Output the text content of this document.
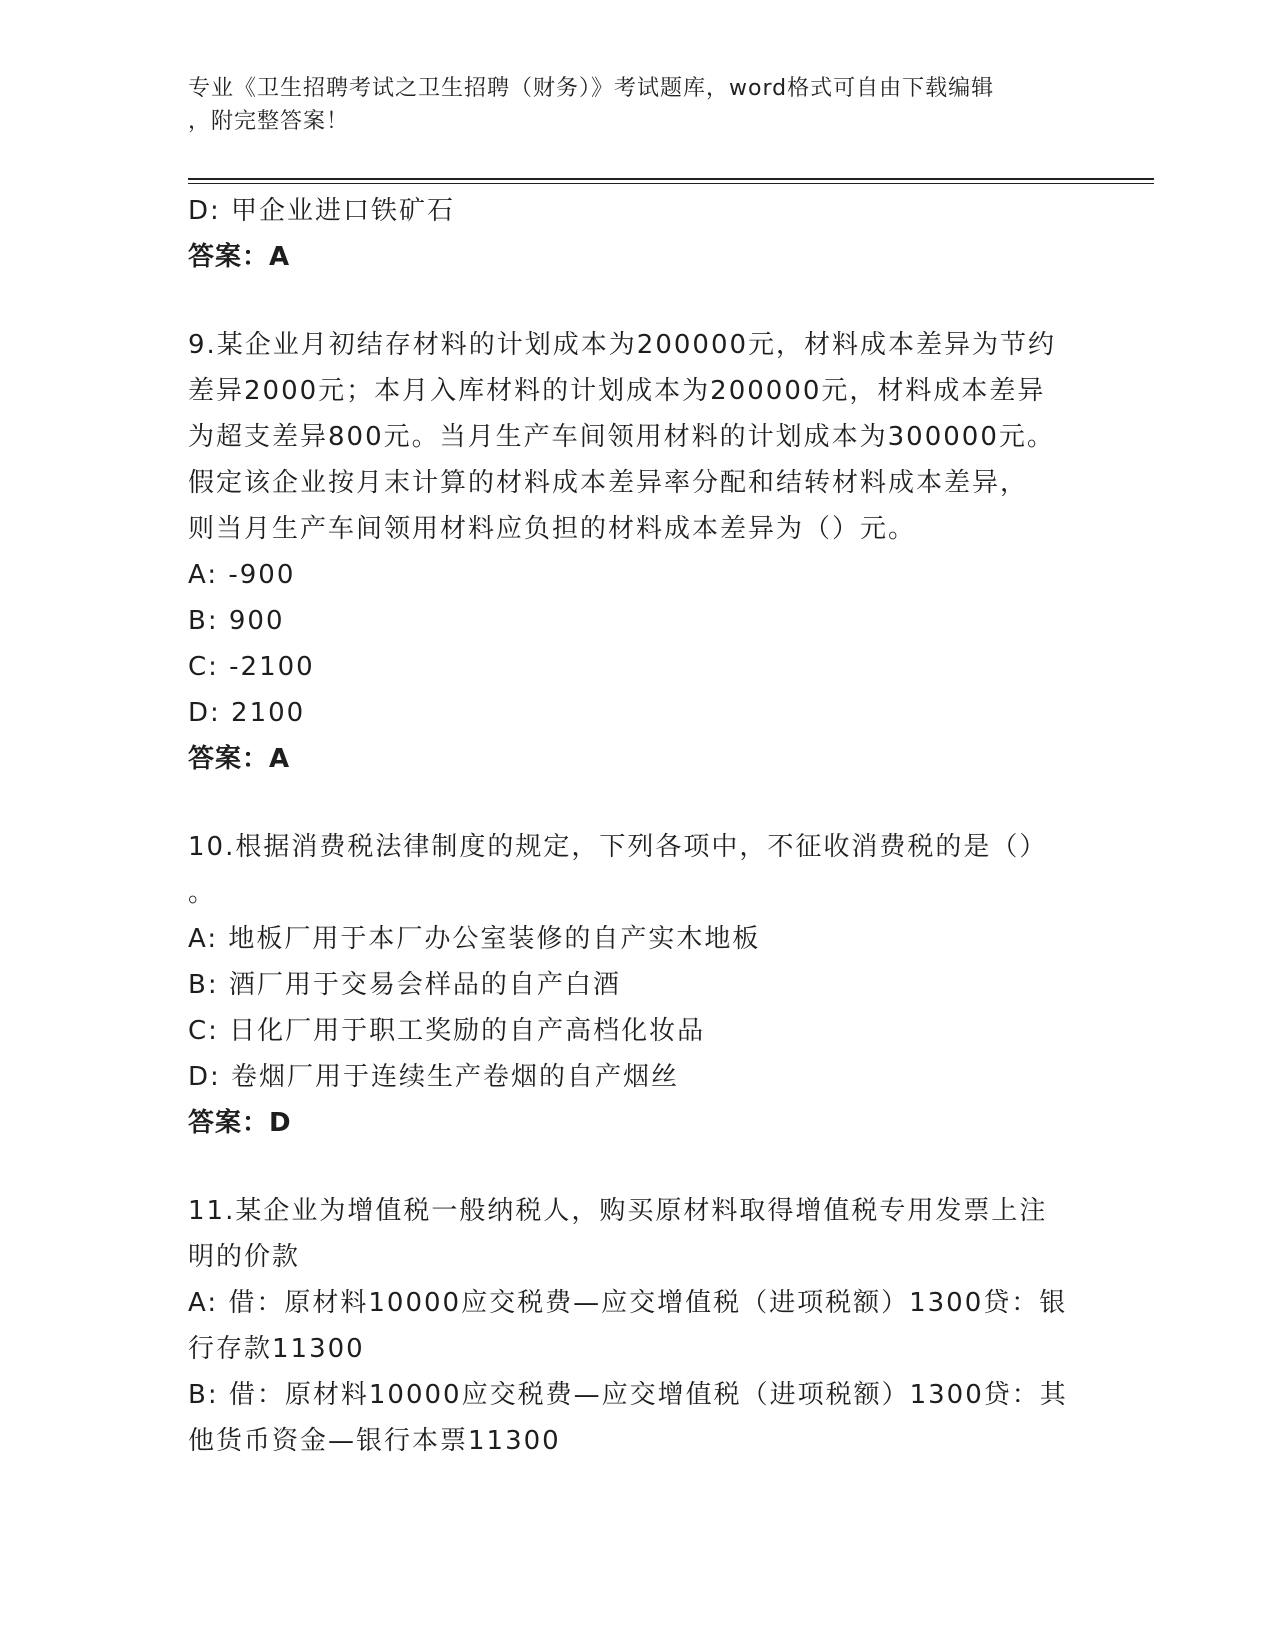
专业《卫生招聘考试之卫生招聘（财务）》考试题库，word格式可自由下载编辑
，附完整答案！
D: 甲企业进口铁矿石
答案：A
9.某企业月初结存材料的计划成本为200000元，材料成本差异为节约
差异2000元；本月入库材料的计划成本为200000元，材料成本差异
为超支差异800元。当月生产车间领用材料的计划成本为300000元。
假定该企业按月末计算的材料成本差异率分配和结转材料成本差异，
则当月生产车间领用材料应负担的材料成本差异为（）元。
A: -900
B: 900
C: -2100
D: 2100
答案：A
10.根据消费税法律制度的规定，下列各项中，不征收消费税的是（）
。
A: 地板厂用于本厂办公室装修的自产实木地板
B: 酒厂用于交易会样品的自产白酒
C: 日化厂用于职工奖励的自产高档化妆品
D: 卷烟厂用于连续生产卷烟的自产烟丝
答案：D
11.某企业为增值税一般纳税人，购买原材料取得增值税专用发票上注
明的价款
A: 借：原材料10000应交税费—应交增值税（进项税额）1300贷：银
行存款11300
B: 借：原材料10000应交税费—应交增值税（进项税额）1300贷：其
他货币资金—银行本票11300
